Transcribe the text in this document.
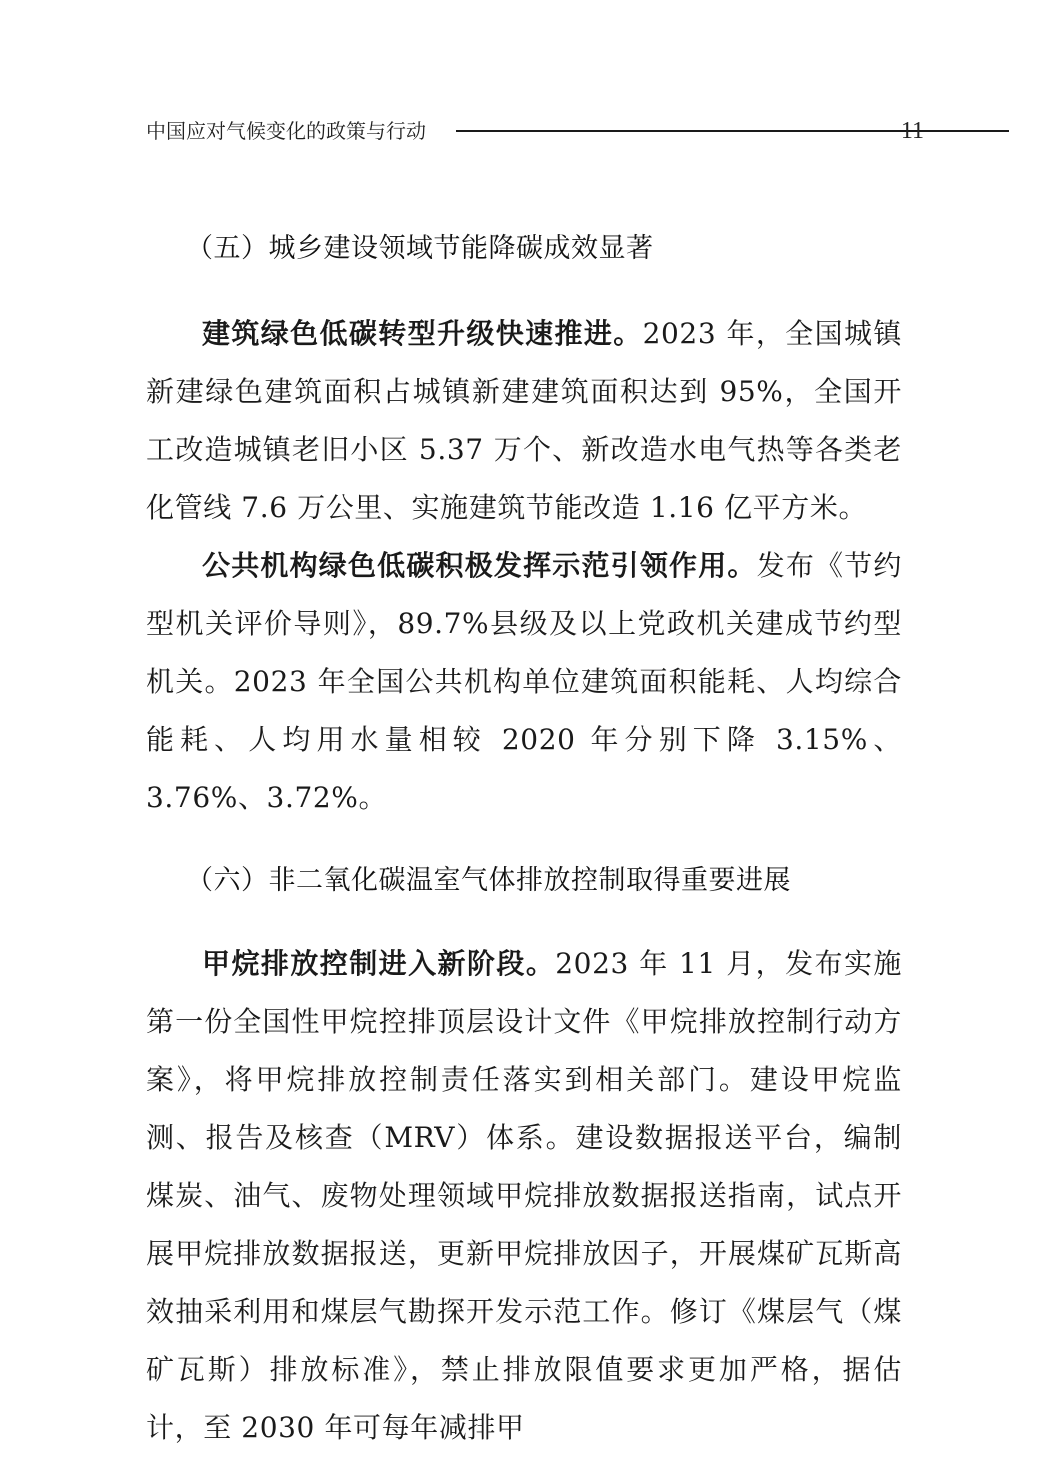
中国应对气候变化的政策与行动	11
（五）城乡建设领域节能降碳成效显著

建筑绿色低碳转型升级快速推进。2023 年，全国城镇新建绿色建筑面积占城镇新建建筑面积达到 95%，全国开工改造城镇老旧小区 5.37 万个、新改造水电气热等各类老化管线 7.6 万公里、实施建筑节能改造 1.16 亿平方米。

公共机构绿色低碳积极发挥示范引领作用。发布《节约型机关评价导则》，89.7%县级及以上党政机关建成节约型机关。2023 年全国公共机构单位建筑面积能耗、人均综合能耗、人均用水量相较 2020 年分别下降 3.15%、3.76%、3.72%。

（六）非二氧化碳温室气体排放控制取得重要进展

甲烷排放控制进入新阶段。2023 年 11 月，发布实施第一份全国性甲烷控排顶层设计文件《甲烷排放控制行动方案》，将甲烷排放控制责任落实到相关部门。建设甲烷监测、报告及核查（MRV）体系。建设数据报送平台，编制煤炭、油气、废物处理领域甲烷排放数据报送指南，试点开展甲烷排放数据报送，更新甲烷排放因子，开展煤矿瓦斯高效抽采利用和煤层气勘探开发示范工作。修订《煤层气（煤矿瓦斯）排放标准》，禁止排放限值要求更加严格，据估计，至 2030 年可每年减排甲
